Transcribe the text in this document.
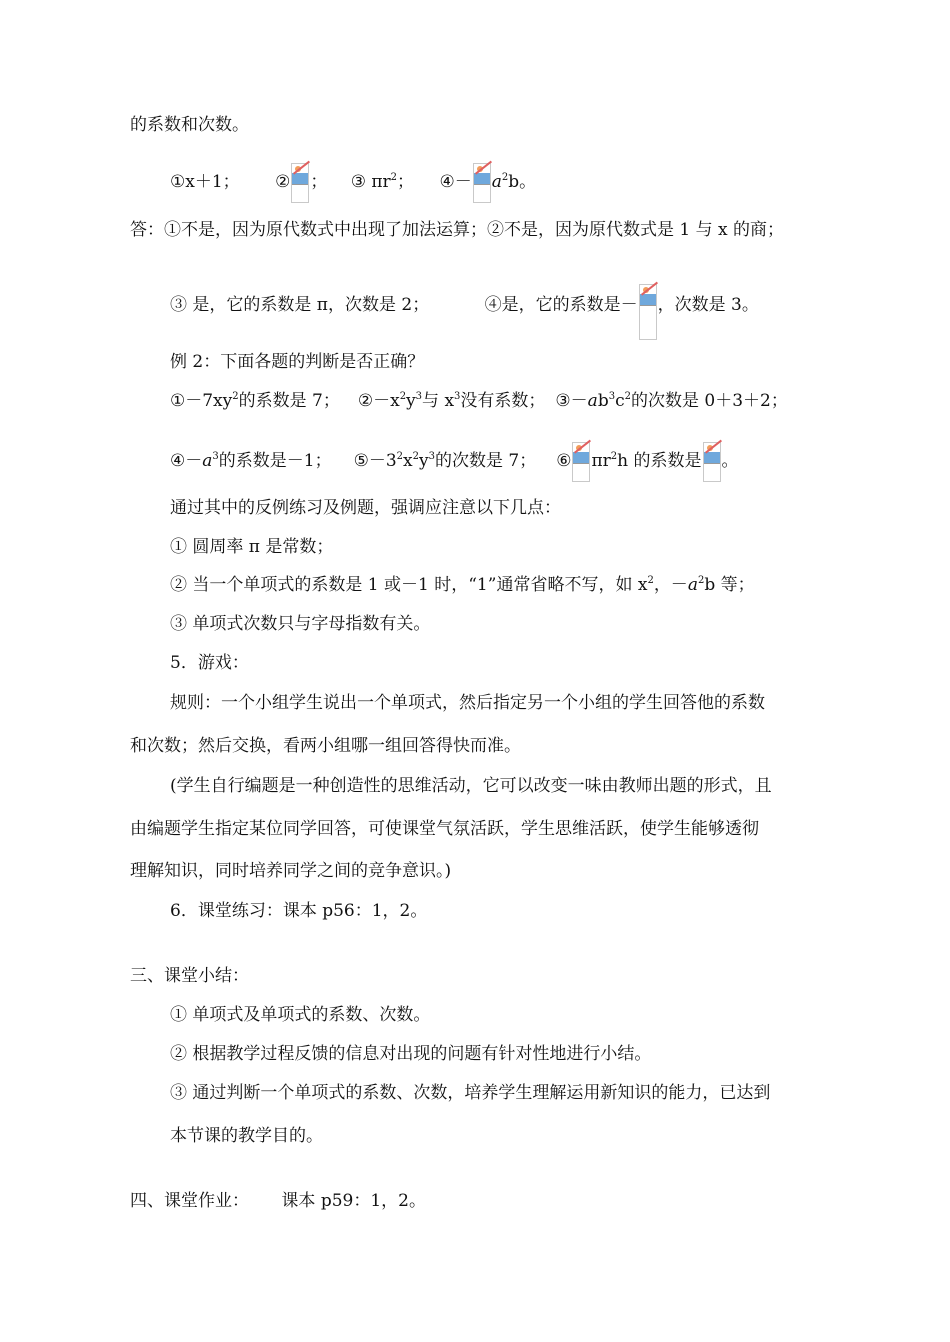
的系数和次数。
①x＋1； ② ； ③ $\pi r^2$； ④－ $a^2b$。
答：①不是，因为原代数式中出现了加法运算；②不是，因为原代数式是 1 与 x 的商；
③ 是，它的系数是 π，次数是 2；	④是，它的系数是－ ，次数是 3。
例 2：下面各题的判断是否正确？
$①-7xy^2$的系数是 7； $②-x^2y^3$与 $x^3$没有系数； $③-ab^3c^2$的次数是 0＋3＋2；
$④-a^3$的系数是－1； $⑤-3^2x^2y^3$的次数是 7； ⑥ $\pi r^2h$ 的系数是 。
通过其中的反例练习及例题，强调应注意以下几点：
① 圆周率 π 是常数；
② 当一个单项式的系数是 1 或－1 时，“1”通常省略不写，如 $x^2$，$-a^2b$ 等；
③ 单项式次数只与字母指数有关。
5．游戏：
规则：一个小组学生说出一个单项式，然后指定另一个小组的学生回答他的系数
和次数；然后交换，看两小组哪一组回答得快而准。
(学生自行编题是一种创造性的思维活动，它可以改变一味由教师出题的形式，且
由编题学生指定某位同学回答，可使课堂气氛活跃，学生思维活跃，使学生能够透彻
理解知识，同时培养同学之间的竞争意识。)
6．课堂练习：课本 p56：1，2。
三、课堂小结：
① 单项式及单项式的系数、次数。
② 根据教学过程反馈的信息对出现的问题有针对性地进行小结。
③ 通过判断一个单项式的系数、次数，培养学生理解运用新知识的能力，已达到
本节课的教学目的。
四、课堂作业：      课本 p59：1，2。
